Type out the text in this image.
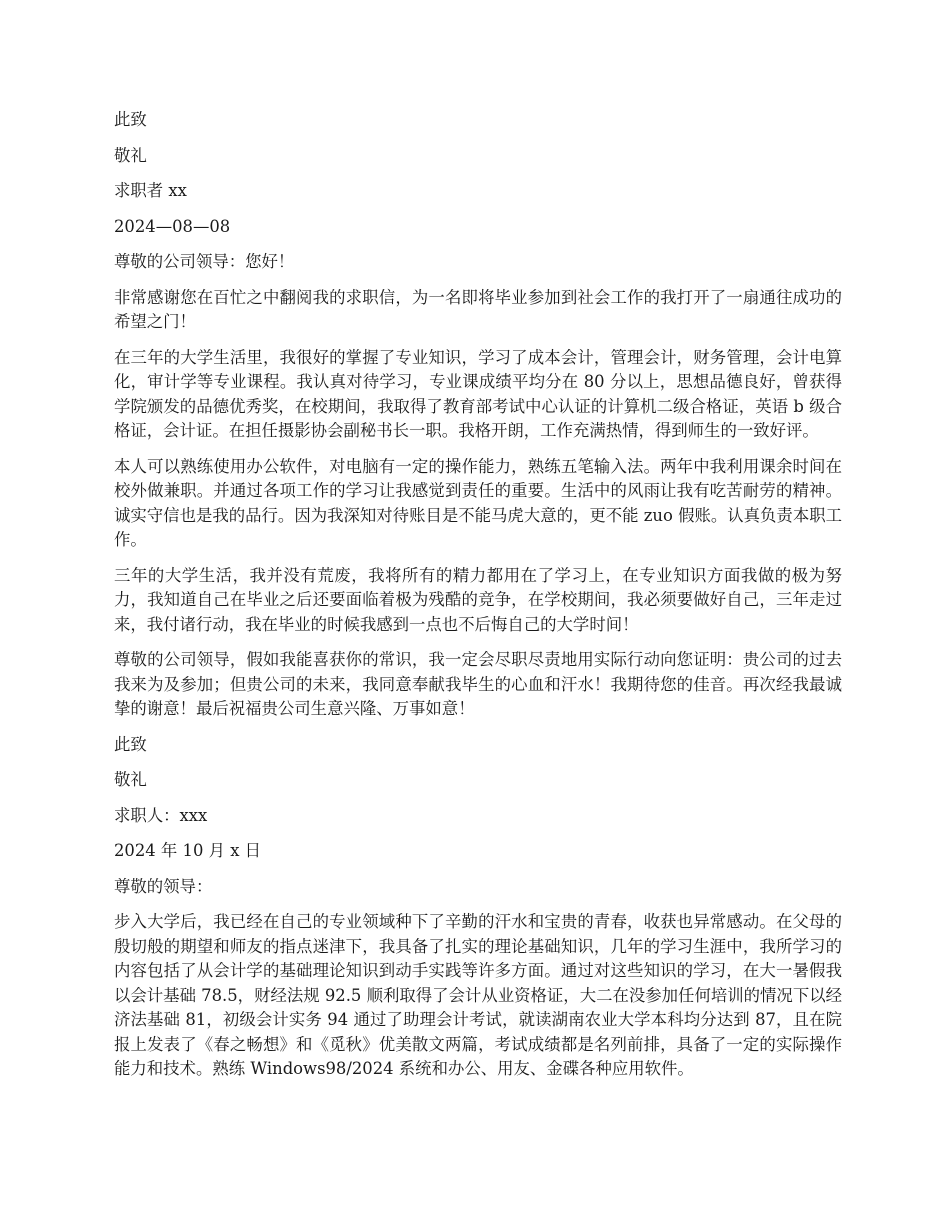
此致

敬礼

求职者 xx

2024—08—08

尊敬的公司领导：您好！

非常感谢您在百忙之中翻阅我的求职信，为一名即将毕业参加到社会工作的我打开了一扇通往成功的希望之门！

在三年的大学生活里，我很好的掌握了专业知识，学习了成本会计，管理会计，财务管理，会计电算化，审计学等专业课程。我认真对待学习，专业课成绩平均分在 80 分以上，思想品德良好，曾获得学院颁发的品德优秀奖，在校期间，我取得了教育部考试中心认证的计算机二级合格证，英语 b 级合格证，会计证。在担任摄影协会副秘书长一职。我格开朗，工作充满热情，得到师生的一致好评。

本人可以熟练使用办公软件，对电脑有一定的操作能力，熟练五笔输入法。两年中我利用课余时间在校外做兼职。并通过各项工作的学习让我感觉到责任的重要。生活中的风雨让我有吃苦耐劳的精神。诚实守信也是我的品行。因为我深知对待账目是不能马虎大意的，更不能 zuo 假账。认真负责本职工作。

三年的大学生活，我并没有荒废，我将所有的精力都用在了学习上，在专业知识方面我做的极为努力，我知道自己在毕业之后还要面临着极为残酷的竞争，在学校期间，我必须要做好自己，三年走过来，我付诸行动，我在毕业的时候我感到一点也不后悔自己的大学时间！

尊敬的公司领导，假如我能喜获你的常识，我一定会尽职尽责地用实际行动向您证明：贵公司的过去我来为及参加；但贵公司的未来，我同意奉献我毕生的心血和汗水！我期待您的佳音。再次经我最诚挚的谢意！最后祝福贵公司生意兴隆、万事如意！

此致

敬礼

求职人：xxx

2024 年 10 月 x 日

尊敬的领导：

步入大学后，我已经在自己的专业领域种下了辛勤的汗水和宝贵的青春，收获也异常感动。在父母的殷切般的期望和师友的指点迷津下，我具备了扎实的理论基础知识，几年的学习生涯中，我所学习的内容包括了从会计学的基础理论知识到动手实践等许多方面。通过对这些知识的学习，在大一暑假我以会计基础 78.5，财经法规 92.5 顺利取得了会计从业资格证，大二在没参加任何培训的情况下以经济法基础 81，初级会计实务 94 通过了助理会计考试，就读湖南农业大学本科均分达到 87，且在院报上发表了《春之畅想》和《觅秋》优美散文两篇，考试成绩都是名列前排，具备了一定的实际操作能力和技术。熟练 Windows98/2024 系统和办公、用友、金碟各种应用软件。
